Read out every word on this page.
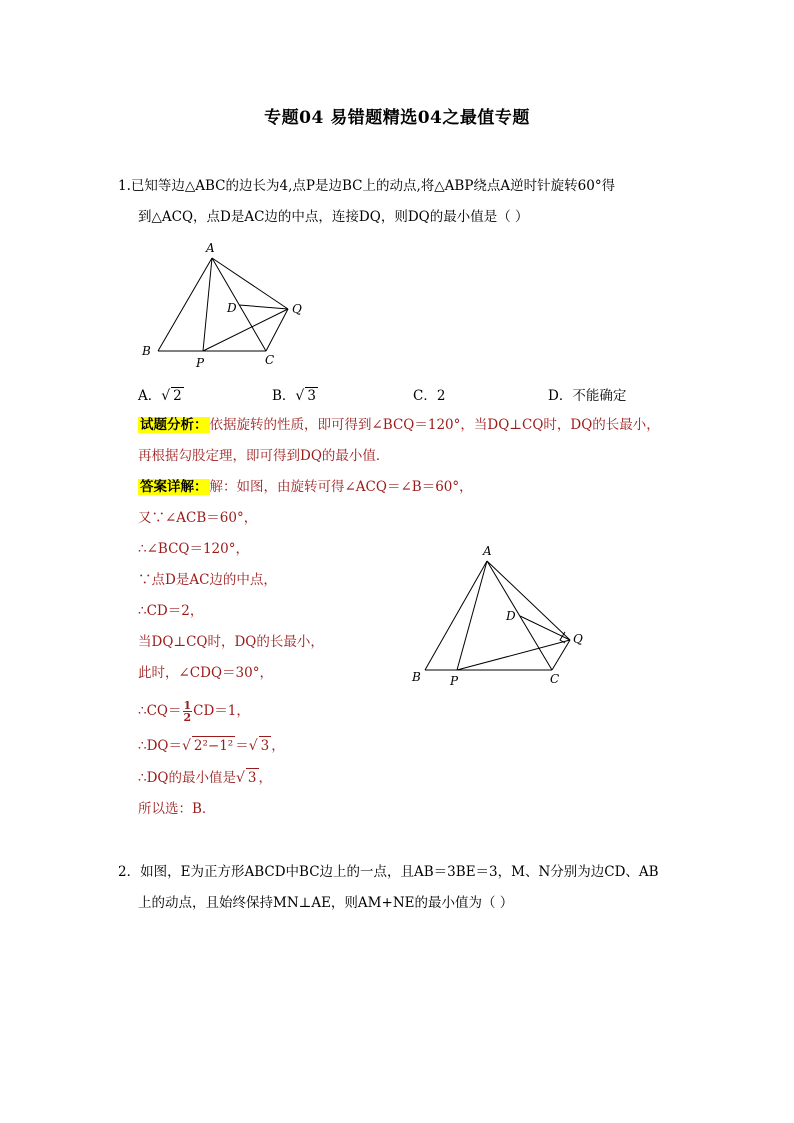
专题04 易错题精选04之最值专题
1.已知等边△ABC的边长为4,点P是边BC上的动点,将△ABP绕点A逆时针旋转60°得
到△ACQ，点D是AC边的中点，连接DQ，则DQ的最小值是（ ）
A
B
C
D
P
Q
A．√ 2	B．√ 3	C．2	D．不能确定
试题分析： 依据旋转的性质，即可得到∠BCQ＝120°，当DQ⊥CQ时，DQ的长最小，
再根据勾股定理，即可得到DQ的最小值．
答案详解： 解：如图，由旋转可得∠ACQ＝∠B＝60°，
又∵∠ACB＝60°，
∴∠BCQ＝120°，
∵点D是AC边的中点，
∴CD＝2，
当DQ⊥CQ时，DQ的长最小，
此时，∠CDQ＝30°，
∴CQ＝ $\frac{1}{2} CD=1$，
∴DQ＝√ 2²−1² ＝√ 3 ，
∴DQ的最小值是√ 3 ，
所以选：B．
A
B	C
D
P
Q
2．如图，E为正方形ABCD中BC边上的一点，且AB＝3BE＝3，M、N分别为边CD、AB
上的动点，且始终保持MN⊥AE，则AM+NE的最小值为（ ）
